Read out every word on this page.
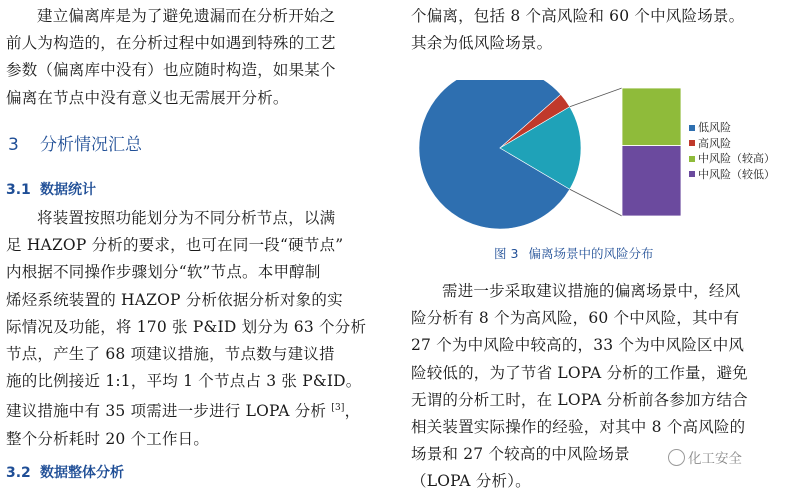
建立偏离库是为了避免遗漏而在分析开始之

前人为构造的，在分析过程中如遇到特殊的工艺

参数（偏离库中没有）也应随时构造，如果某个

偏离在节点中没有意义也无需展开分析。

3 分析情况汇总
3.1 数据统计

将装置按照功能划分为不同分析节点，以满

足 HAZOP 分析的要求，也可在同一段“硬节点”

内根据不同操作步骤划分“软”节点。本甲醇制

烯烃系统装置的 HAZOP 分析依据分析对象的实

际情况及功能，将 170 张 P&ID 划分为 63 个分析

节点，产生了 68 项建议措施，节点数与建议措

施的比例接近 1:1，平均 1 个节点占 3 张 P&ID。

建议措施中有 35 项需进一步进行 LOPA 分析 [3]，

整个分析耗时 20 个工作日。

3.2 数据整体分析

个偏离，包括 8 个高风险和 60 个中风险场景。

其余为低风险场景。

需进一步采取建议措施的偏离场景中，经风

险分析有 8 个为高风险，60 个中风险，其中有

27 个为中风险中较高的，33 个为中风险区中风

险较低的，为了节省 LOPA 分析的工作量，避免

无谓的分析工时，在 LOPA 分析前各参加方结合

相关装置实际操作的经验，对其中 8 个高风险的

场景和 27 个较高的中风险场景

（LOPA 分析）。

低风险
高风险
中风险（较高）
中风险（较低）
图 3 偏离场景中的风险分布
化工安全
